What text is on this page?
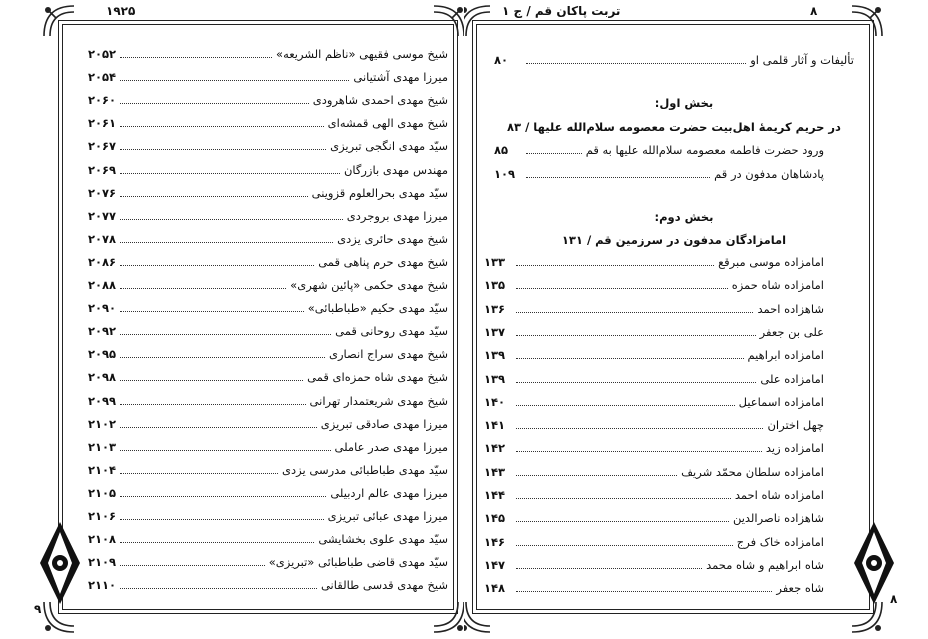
۱۹۲۵
۹
شیخ موسی فقیهی «ناظم الشریعه»
۲۰۵۲
میرزا مهدی آشتیانی
۲۰۵۴
شیخ مهدی احمدی شاهرودی
۲۰۶۰
شیخ مهدی الهی قمشه‌ای
۲۰۶۱
سیّد مهدی انگجی تبریزی
۲۰۶۷
مهندس مهدی بازرگان
۲۰۶۹
سیّد مهدی بحرالعلوم قزوینی
۲۰۷۶
میرزا مهدی بروجردی
۲۰۷۷
شیخ مهدی حائری یزدی
۲۰۷۸
شیخ مهدی حرم پناهی قمی
۲۰۸۶
شیخ مهدی حکمی «پائین شهری»
۲۰۸۸
سیّد مهدی حکیم «طباطبائی»
۲۰۹۰
سیّد مهدی روحانی قمی
۲۰۹۲
شیخ مهدی سراج انصاری
۲۰۹۵
شیخ مهدی شاه حمزه‌ای قمی
۲۰۹۸
شیخ مهدی شریعتمدار تهرانی
۲۰۹۹
میرزا مهدی صادقی تبریزی
۲۱۰۲
میرزا مهدی صدر عاملی
۲۱۰۳
سیّد مهدی طباطبائی مدرسی یزدی
۲۱۰۴
میرزا مهدی عالم اردبیلی
۲۱۰۵
میرزا مهدی عبائی تبریزی
۲۱۰۶
سیّد مهدی علوی بخشایشی
۲۱۰۸
سیّد مهدی قاضی طباطبائی «تبریزی»
۲۱۰۹
شیخ مهدی قدسی طالقانی
۲۱۱۰
۸
تربت پاکان قم / ج ۱
۸
تألیفات و آثار قلمی او
۸۰
بخش اول:
در حریم کریمهٔ اهل‌بیت حضرت معصومه سلام‌الله علیها / ۸۳
ورود حضرت فاطمه معصومه سلام‌الله علیها به قم
۸۵
پادشاهان مدفون در قم
۱۰۹
بخش دوم:
امامزادگان مدفون در سرزمین قم / ۱۳۱
امامزاده موسی مبرقع
۱۳۳
امامزاده شاه حمزه
۱۳۵
شاهزاده احمد
۱۳۶
علی بن جعفر
۱۳۷
امامزاده ابراهیم
۱۳۹
امامزاده علی
۱۳۹
امامزاده اسماعیل
۱۴۰
چهل اختران
۱۴۱
امامزاده زید
۱۴۲
امامزاده سلطان محمّد شریف
۱۴۳
امامزاده شاه احمد
۱۴۴
شاهزاده ناصرالدین
۱۴۵
امامزاده خاک فرج
۱۴۶
شاه ابراهیم و شاه محمد
۱۴۷
شاه جعفر
۱۴۸
